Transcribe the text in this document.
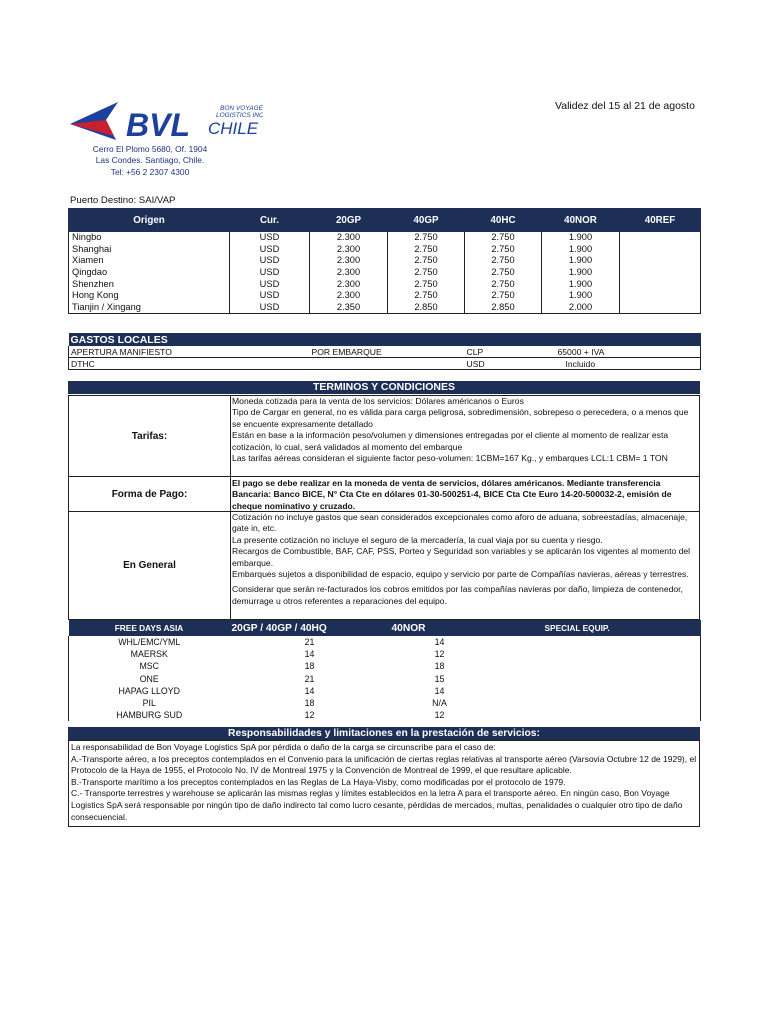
Validez del 15 al 21 de agosto
BVL	BON VOYAGE
LOGISTICS INC.
CHILE
Cerro El Plomo 5680, Of. 1904
Las Condes. Santiago, Chile.
Tel: +56 2 2307 4300
Puerto Destino: SAI/VAP
Origen	Cur.	20GP	40GP	40HC	40NOR	40REF
Ningbo	USD	2.300	2.750	2.750	1.900	
Shanghai	USD	2.300	2.750	2.750	1.900	
Xiamen	USD	2.300	2.750	2.750	1.900	
Qingdao	USD	2.300	2.750	2.750	1.900	
Shenzhen	USD	2.300	2.750	2.750	1.900	
Hong Kong	USD	2.300	2.750	2.750	1.900	
Tianjin / Xingang	USD	2.350	2.850	2.850	2.000	
GASTOS LOCALES			
APERTURA MANIFIESTO	POR EMBARQUE	CLP	65000 + IVA
DTHC		USD	Incluido
TERMINOS Y CONDICIONES
Tarifas:

Moneda cotizada para la venta de los servicios: Dólares américanos o Euros

Tipo de Cargar en general, no es válida para carga peligrosa, sobredimensión, sobrepeso o perecedera, o a menos que se encuente expresamente detallado

Están en base a la información peso/volumen y dimensiones entregadas por el cliente al momento de realizar esta cotización, lo cual, será validados al momento del embarque

Las tarifas aéreas consideran el siguiente factor peso-volumen: 1CBM=167 Kg., y embarques LCL:1 CBM= 1 TON

Forma de Pago:
El pago se debe realizar en la moneda de venta de servicios, dólares américanos. Mediante transferencia Bancaria: Banco BICE, N° Cta Cte en dólares 01-30-500251-4, BICE Cta Cte Euro 14-20-500032-2, emisión de cheque nominativo y cruzado.
En General

Cotización no incluye gastos que sean considerados excepcionales como aforo de aduana, sobreestadías, almacenaje, gate in, etc.

La presente cotización no incluye el seguro de la mercadería, la cual viaja por su cuenta y riesgo.

Recargos de Combustible, BAF, CAF, PSS, Porteo y Seguridad son variables y se aplicarán los vigentes al momento del embarque.

Embarques sujetos a disponibilidad de espacio, equipo y servicio por parte de Compañías navieras, aéreas y terrestres.

Considerar que serán re-facturados los cobros emitidos por las compañías navieras por daño, limpieza de contenedor, demurrage u otros referentes a reparaciones del equipo.

FREE DAYS ASIA	20GP / 40GP / 40HQ	40NOR	SPECIAL EQUIP.
WHL/EMC/YML	21	14	
MAERSK	14	12	
MSC	18	18	
ONE	21	15	
HAPAG LLOYD	14	14	
PIL	18	N/A	
HAMBURG SUD	12	12	
Responsabilidades y limitaciones en la prestación de servicios:

La responsabilidad de Bon Voyage Logistics SpA por pérdida o daño de la carga se circunscribe para el caso de:

A.-Transporte aéreo, a los preceptos contemplados en el Convenio para la unificación de ciertas reglas relativas al transporte aéreo (Varsovia Octubre 12 de 1929), el Protocolo de la Haya de 1955, el Protocolo No. IV de Montreal 1975 y la Convención de Montreal de 1999, el que resultare aplicable.

B.-Transporte marítimo a los preceptos contemplados en las Reglas de La Haya-Visby, como modificadas por el protocolo de 1979.

C.- Transporte terrestres y warehouse se aplicarán las mismas reglas y límites establecidos en la letra A para el transporte aéreo. En ningún caso, Bon Voyage Logistics SpA será responsable por ningún tipo de daño indirecto tal como lucro cesante, pérdidas de mercados, multas, penalidades o cualquier otro tipo de daño consecuencial.
